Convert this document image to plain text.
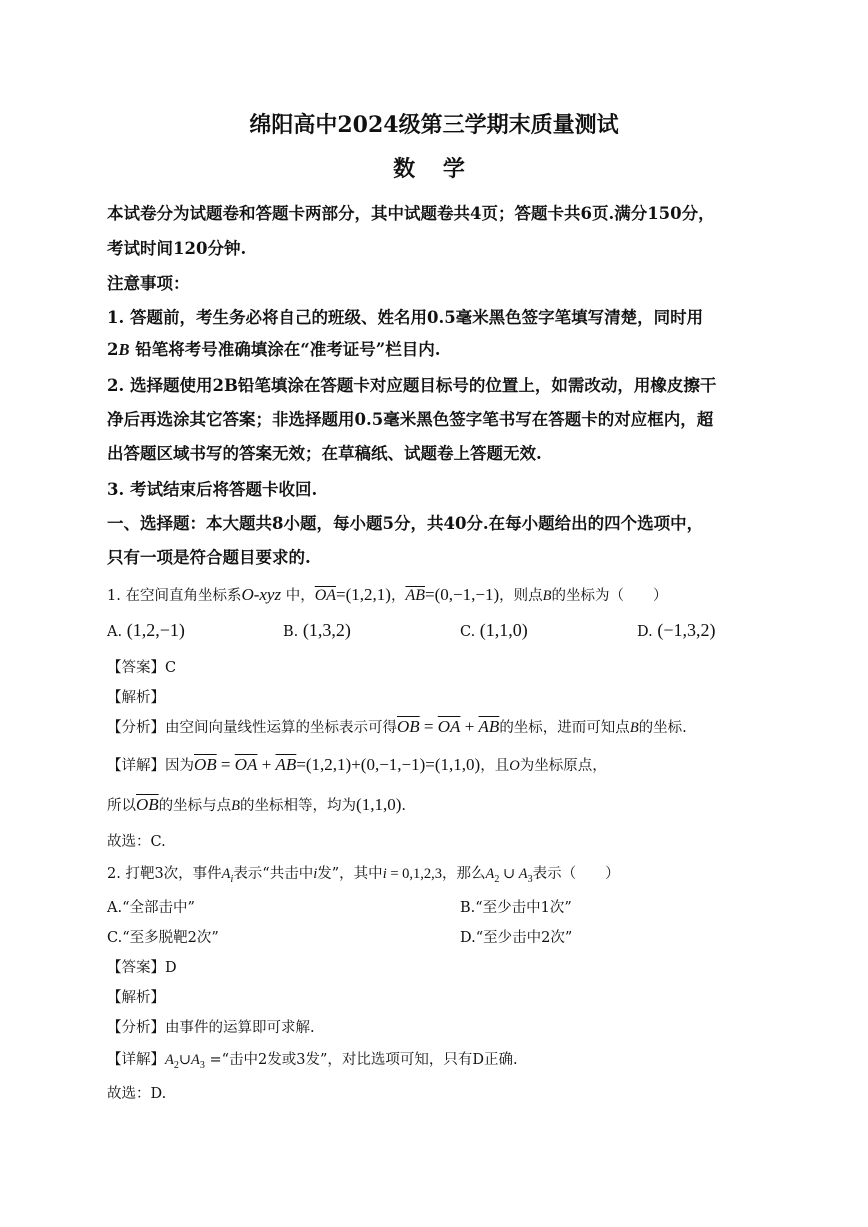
绵阳高中2024级第三学期末质量测试
数 学
本试卷分为试题卷和答题卡两部分，其中试题卷共4页；答题卡共6页.满分150分，
考试时间120分钟.
注意事项：
1. 答题前，考生务必将自己的班级、姓名用0.5毫米黑色签字笔填写清楚，同时用
2B 铅笔将考号准确填涂在“准考证号”栏目内.
2. 选择题使用2B铅笔填涂在答题卡对应题目标号的位置上，如需改动，用橡皮擦干
净后再选涂其它答案；非选择题用0.5毫米黑色签字笔书写在答题卡的对应框内，超
出答题区域书写的答案无效；在草稿纸、试题卷上答题无效.
3. 考试结束后将答题卡收回.
一、选择题：本大题共8小题，每小题5分，共40分.在每小题给出的四个选项中，
只有一项是符合题目要求的.
1. 在空间直角坐标系O-xyz 中，$\overline{OA}=(1,2,1)$，$\overline{AB}=(0,-1,-1)$，则点B的坐标为（　　）
A. (1,2,−1)	B. (1,3,2)	C. (1,1,0)	D. (−1,3,2)
【答案】C
【解析】
【分析】由空间向量线性运算的坐标表示可得$\overline{OB} = \overline{OA} + \overline{AB}$的坐标，进而可知点B的坐标.
【详解】因为$\overline{OB} = \overline{OA} + \overline{AB}=(1,2,1)+(0,-1,-1)=(1,1,0)$，且O为坐标原点，
所以$\overline{OB}$的坐标与点B的坐标相等，均为(1,1,0).
故选：C.
2. 打靶3次，事件$A_i$表示“共击中i发”，其中i = 0,1,2,3，那么$A_2$ ∪ $A_3$表示（　　）
A.“全部击中”	B.“至少击中1次”
C.“至多脱靶2次”	D.“至少击中2次”
【答案】D
【解析】
【分析】由事件的运算即可求解.
【详解】$A_2\cup A_3$ =“击中2发或3发”，对比选项可知，只有D正确.
故选：D.
